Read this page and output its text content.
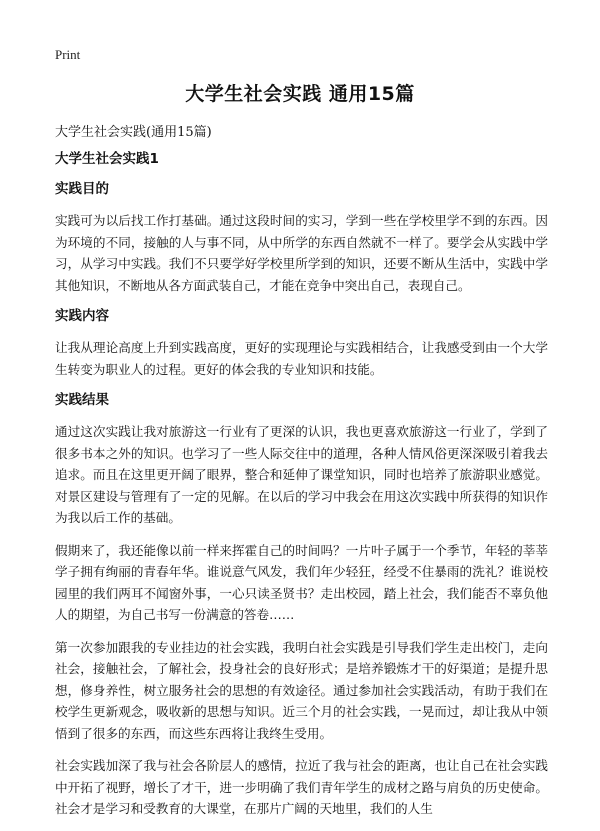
Print
大学生社会实践 通用15篇
大学生社会实践(通用15篇)
大学生社会实践1
实践目的

实践可为以后找工作打基础。通过这段时间的实习，学到一些在学校里学不到的东西。因为环境的不同，接触的人与事不同，从中所学的东西自然就不一样了。要学会从实践中学习，从学习中实践。我们不只要学好学校里所学到的知识，还要不断从生活中，实践中学其他知识，不断地从各方面武装自己，才能在竞争中突出自己，表现自己。

实践内容

让我从理论高度上升到实践高度，更好的实现理论与实践相结合，让我感受到由一个大学生转变为职业人的过程。更好的体会我的专业知识和技能。

实践结果

通过这次实践让我对旅游这一行业有了更深的认识，我也更喜欢旅游这一行业了，学到了很多书本之外的知识。也学习了一些人际交往中的道理，各种人情风俗更深深吸引着我去追求。而且在这里更开阔了眼界，整合和延伸了课堂知识，同时也培养了旅游职业感觉。对景区建设与管理有了一定的见解。在以后的学习中我会在用这次实践中所获得的知识作为我以后工作的基础。

假期来了，我还能像以前一样来挥霍自己的时间吗？一片叶子属于一个季节，年轻的莘莘学子拥有绚丽的青春年华。谁说意气风发，我们年少轻狂，经受不住暴雨的洗礼？谁说校园里的我们两耳不闻窗外事，一心只读圣贤书？走出校园，踏上社会，我们能否不辜负他人的期望，为自己书写一份满意的答卷……

第一次参加跟我的专业挂边的社会实践，我明白社会实践是引导我们学生走出校门，走向社会，接触社会，了解社会，投身社会的良好形式；是培养锻炼才干的好渠道；是提升思想，修身养性，树立服务社会的思想的有效途径。通过参加社会实践活动，有助于我们在校学生更新观念，吸收新的思想与知识。近三个月的社会实践，一晃而过，却让我从中领悟到了很多的东西，而这些东西将让我终生受用。

社会实践加深了我与社会各阶层人的感情，拉近了我与社会的距离，也让自己在社会实践中开拓了视野，增长了才干，进一步明确了我们青年学生的成材之路与肩负的历史使命。社会才是学习和受教育的大课堂，在那片广阔的天地里，我们的人生
